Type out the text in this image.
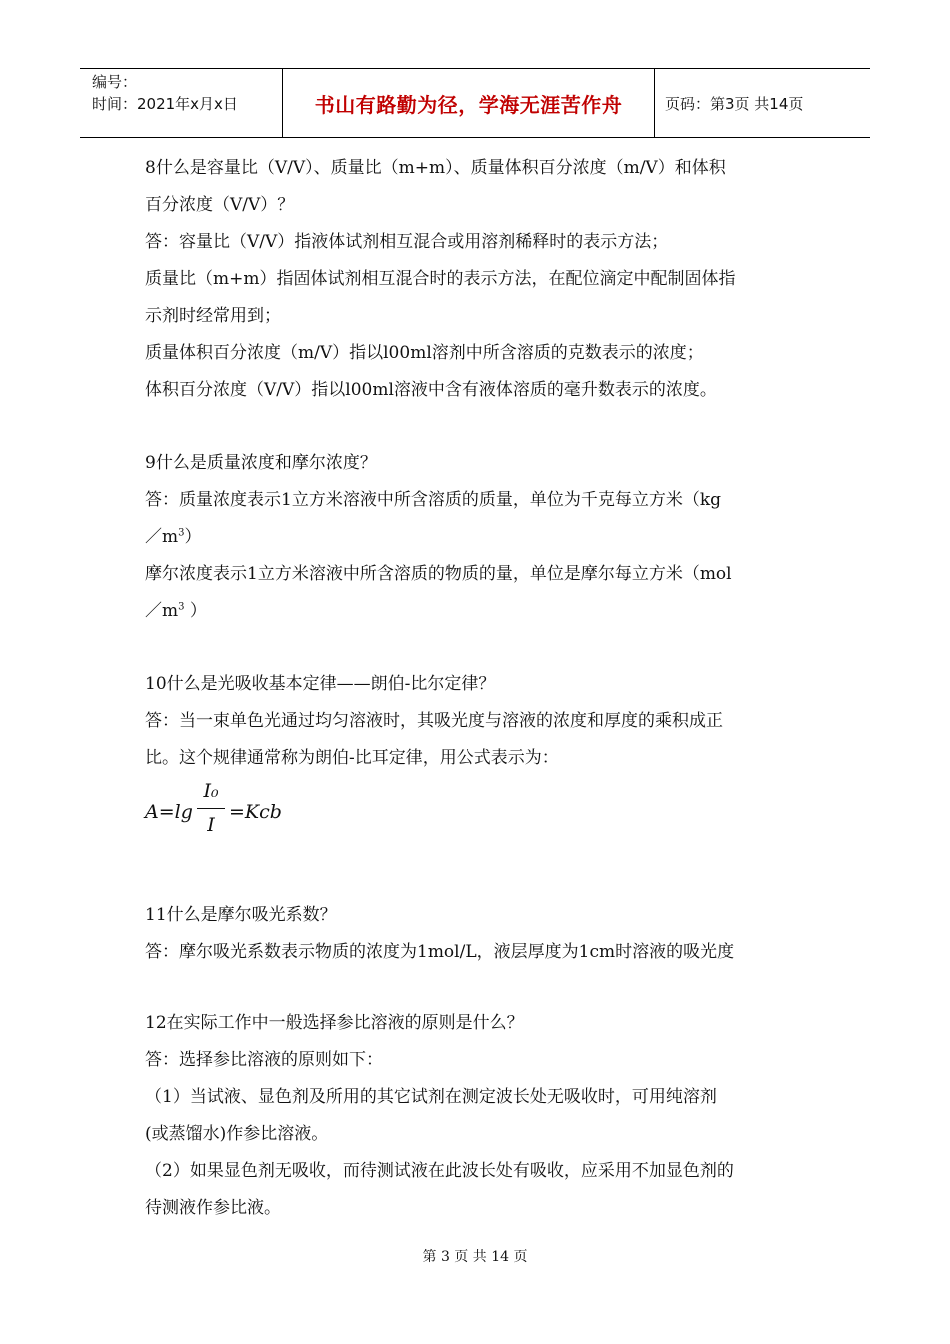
编号：
时间：2021年x月x日	书山有路勤为径，学海无涯苦作舟	页码：第3页 共14页
8什么是容量比（V/V）、质量比（m+m）、质量体积百分浓度（m/V）和体积
百分浓度（V/V）？
答：容量比（V/V）指液体试剂相互混合或用溶剂稀释时的表示方法；
质量比（m+m）指固体试剂相互混合时的表示方法，在配位滴定中配制固体指
示剂时经常用到；
质量体积百分浓度（m/V）指以l00ml溶剂中所含溶质的克数表示的浓度；
体积百分浓度（V/V）指以l00ml溶液中含有液体溶质的毫升数表示的浓度。
9什么是质量浓度和摩尔浓度？
答：质量浓度表示1立方米溶液中所含溶质的质量，单位为千克每立方米（kg
$/m^3$）
摩尔浓度表示1立方米溶液中所含溶质的物质的量，单位是摩尔每立方米（mol
$/m^3$ ）
10什么是光吸收基本定律——朗伯-比尔定律？
答：当一束单色光通过均匀溶液时，其吸光度与溶液的浓度和厚度的乘积成正
比。这个规律通常称为朗伯-比耳定律，用公式表示为：
A=lg
I₀
I
=Kcb
11什么是摩尔吸光系数？
答：摩尔吸光系数表示物质的浓度为1mol/L，液层厚度为1cm时溶液的吸光度
12在实际工作中一般选择参比溶液的原则是什么？
答：选择参比溶液的原则如下：
（1）当试液、显色剂及所用的其它试剂在测定波长处无吸收时，可用纯溶剂
(或蒸馏水)作参比溶液。
（2）如果显色剂无吸收，而待测试液在此波长处有吸收，应采用不加显色剂的
待测液作参比液。
第 3 页 共 14 页
